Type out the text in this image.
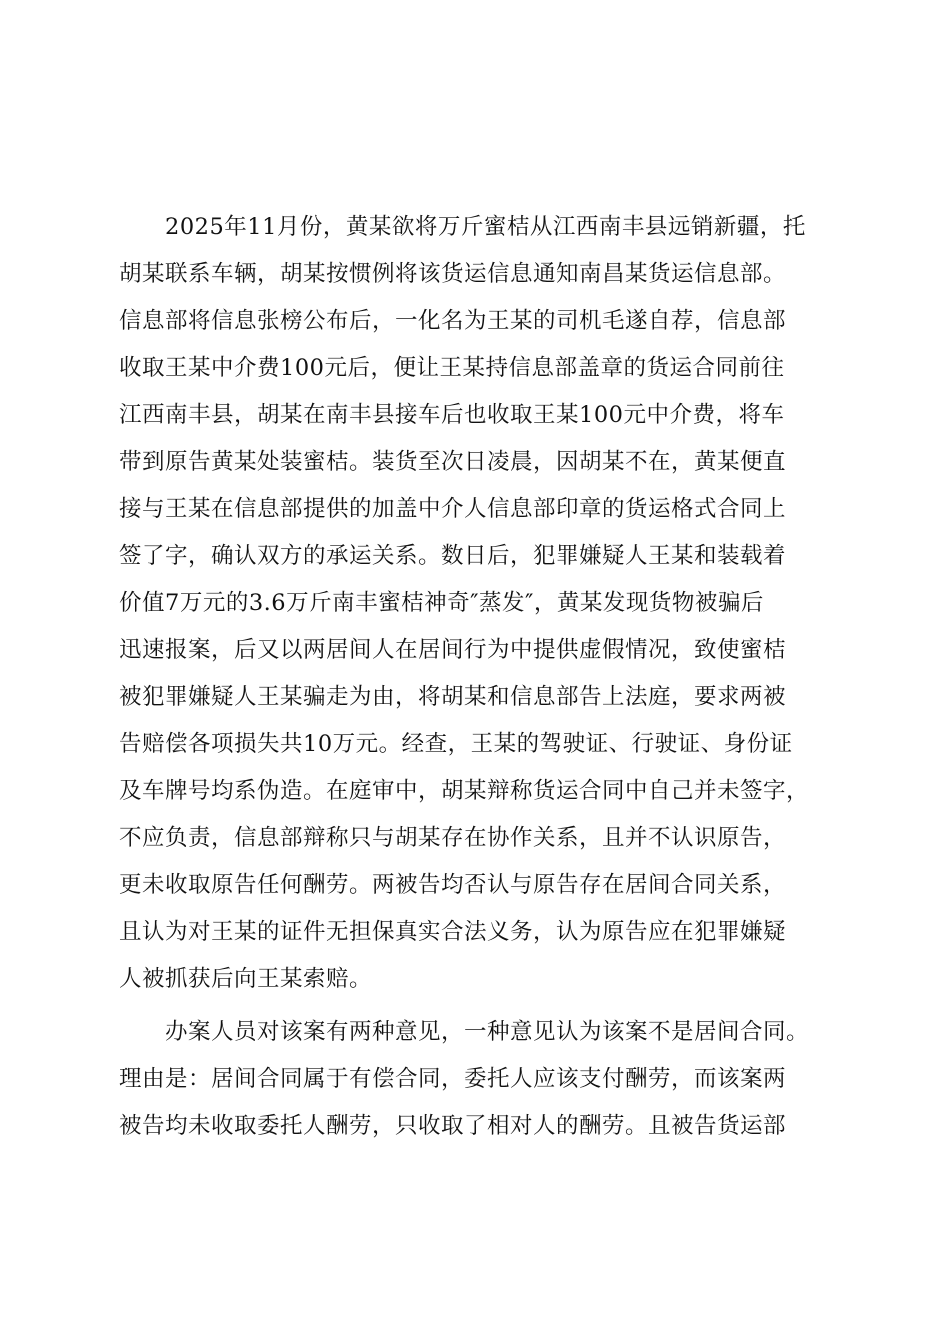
2025年11月份，黄某欲将万斤蜜桔从江西南丰县远销新疆，托
胡某联系车辆，胡某按惯例将该货运信息通知南昌某货运信息部。
信息部将信息张榜公布后，一化名为王某的司机毛遂自荐，信息部
收取王某中介费100元后，便让王某持信息部盖章的货运合同前往
江西南丰县，胡某在南丰县接车后也收取王某100元中介费，将车
带到原告黄某处装蜜桔。装货至次日凌晨，因胡某不在，黄某便直
接与王某在信息部提供的加盖中介人信息部印章的货运格式合同上
签了字，确认双方的承运关系。数日后，犯罪嫌疑人王某和装载着
价值7万元的3.6万斤南丰蜜桔神奇″蒸发″，黄某发现货物被骗后
迅速报案，后又以两居间人在居间行为中提供虚假情况，致使蜜桔
被犯罪嫌疑人王某骗走为由，将胡某和信息部告上法庭，要求两被
告赔偿各项损失共10万元。经查，王某的驾驶证、行驶证、身份证
及车牌号均系伪造。在庭审中，胡某辩称货运合同中自己并未签字，
不应负责，信息部辩称只与胡某存在协作关系，且并不认识原告，
更未收取原告任何酬劳。两被告均否认与原告存在居间合同关系，
且认为对王某的证件无担保真实合法义务，认为原告应在犯罪嫌疑
人被抓获后向王某索赔。
办案人员对该案有两种意见，一种意见认为该案不是居间合同。
理由是：居间合同属于有偿合同，委托人应该支付酬劳，而该案两
被告均未收取委托人酬劳，只收取了相对人的酬劳。且被告货运部
